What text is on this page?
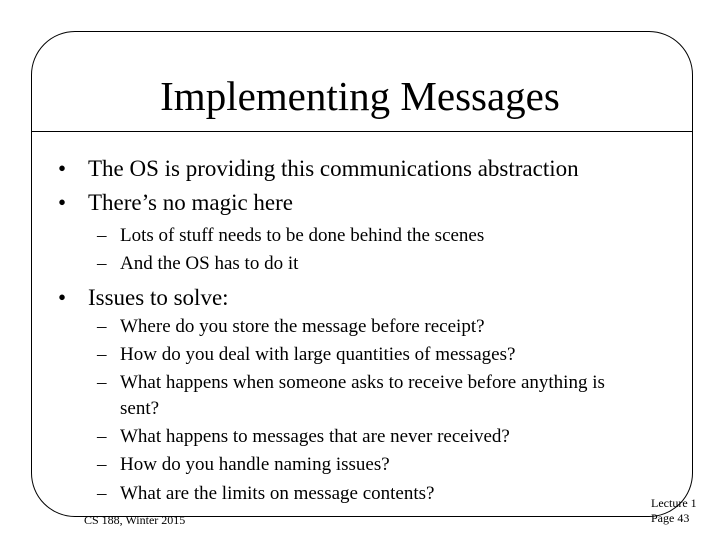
Implementing Messages
• The OS is providing this communications abstraction
• There’s no magic here
– Lots of stuff needs to be done behind the scenes
– And the OS has to do it
• Issues to solve:
– Where do you store the message before receipt?
– How do you deal with large quantities of messages?
– What happens when someone asks to receive before anything is
sent?
– What happens to messages that are never received?
– How do you handle naming issues?
– What are the limits on message contents?
CS 188, Winter 2015
Lecture 1
Page 43
